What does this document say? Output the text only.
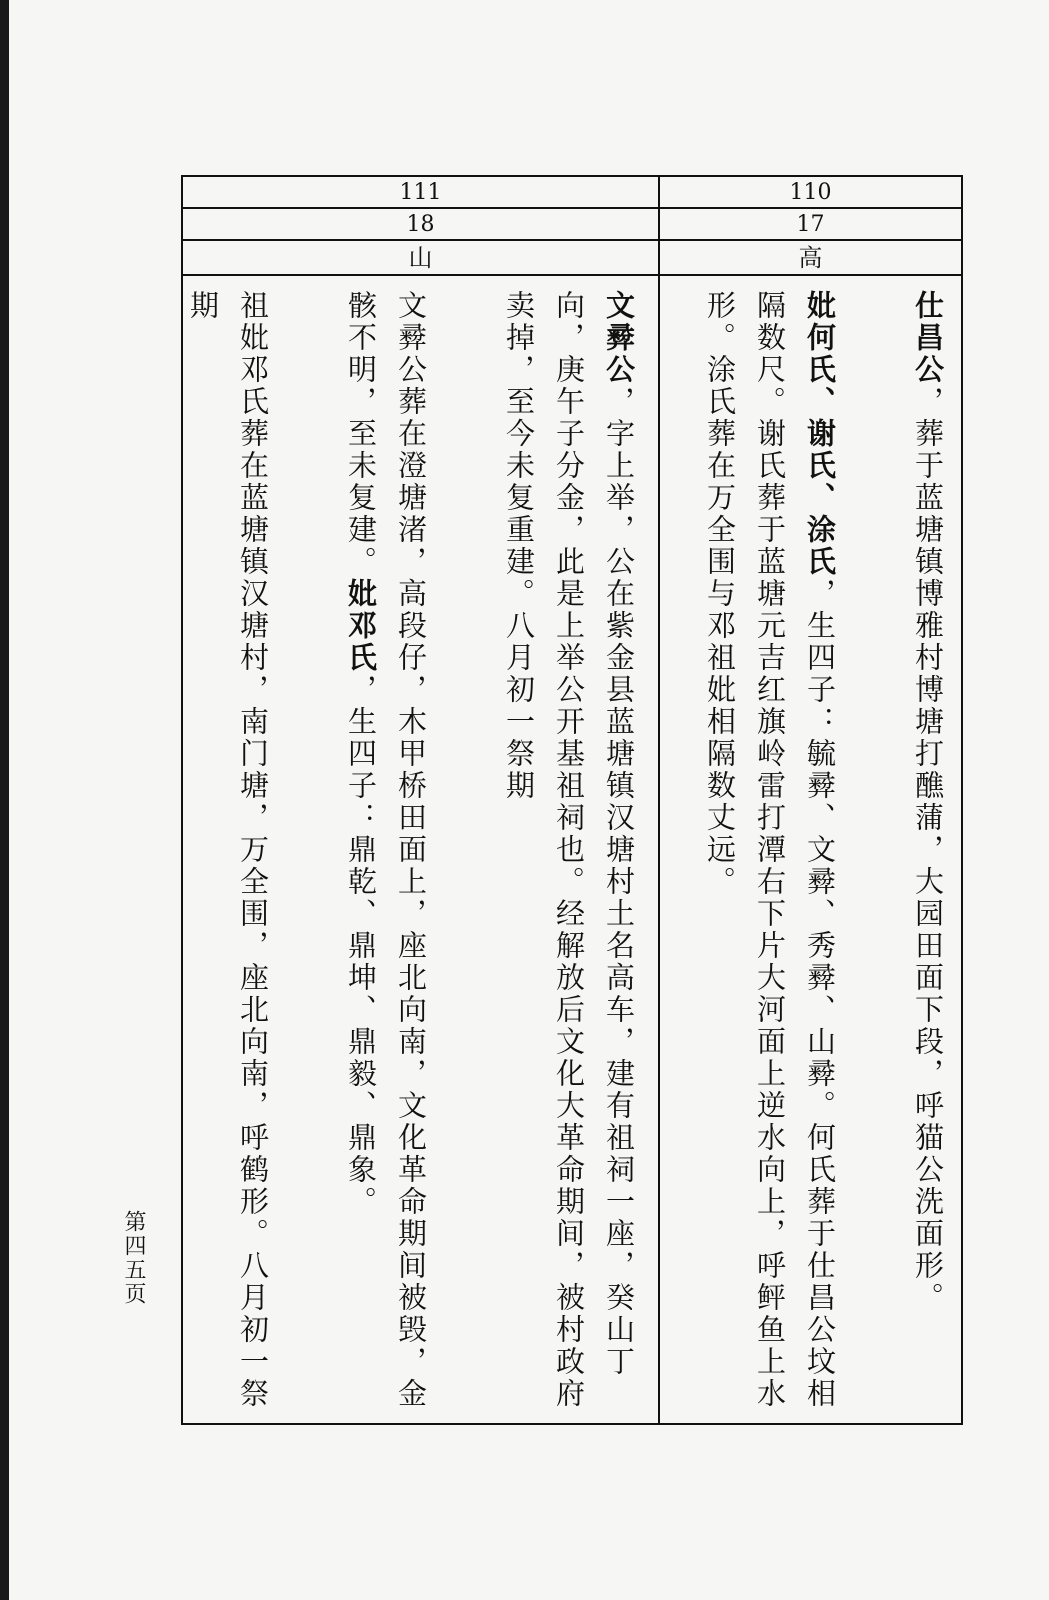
111
18
山

文彛公，字上举，公在紫金县蓝塘镇汉塘村土名高车，建有祖祠一座，癸山丁向，庚午子分金，此是上举公开基祖祠也。经解放后文化大革命期间，被村政府卖掉，至今未复重建。八月初一祭期

文彛公葬在澄塘渚，高段仔，木甲桥田面上，座北向南，文化革命期间被毁，金骸不明，至未复建。妣邓氏，生四子：鼎乾、鼎坤、鼎毅、鼎象。

祖妣邓氏葬在蓝塘镇汉塘村，南门塘，万全围，座北向南，呼鹤形。八月初一祭期

110
17
高

仕昌公，葬于蓝塘镇博雅村博塘打醮蒲，大园田面下段，呼猫公洗面形。

妣何氏、谢氏、涂氏，生四子：毓彛、文彛、秀彛、山彛。何氏葬于仕昌公坟相隔数尺。谢氏葬于蓝塘元吉红旗岭雷打潭右下片大河面上逆水向上，呼鲆鱼上水形。涂氏葬在万全围与邓祖妣相隔数丈远。

第四五页
